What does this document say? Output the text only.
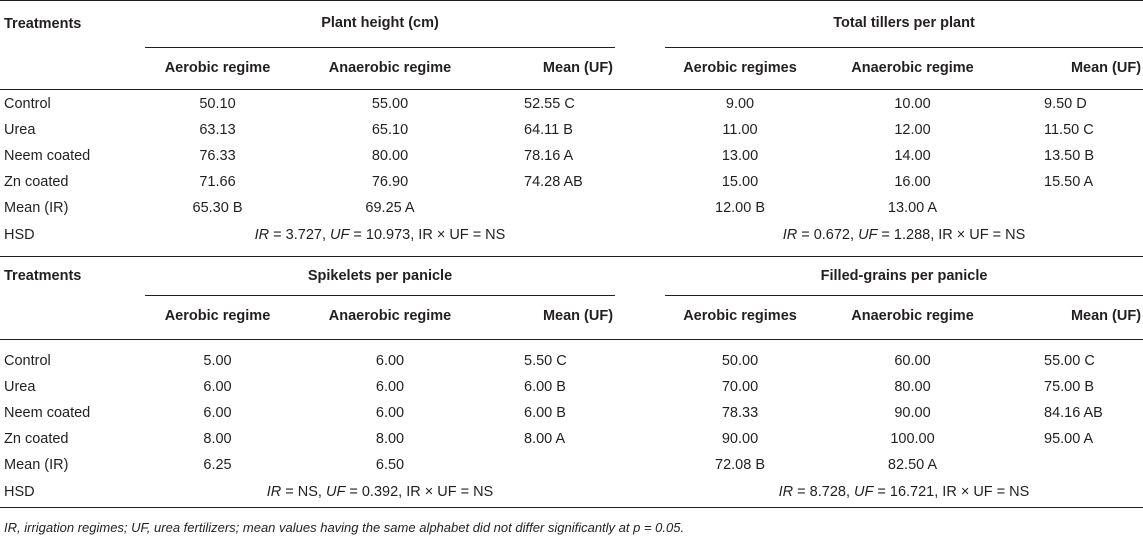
Treatments	Plant height (cm)				Total tillers per plant		
	Aerobic regime	Anaerobic regime	Mean (UF)		Aerobic regimes	Anaerobic regime	Mean (UF)

Control	50.10	55.00	52.55 C		9.00	10.00	9.50 D
Urea	63.13	65.10	64.11 B		11.00	12.00	11.50 C
Neem coated	76.33	80.00	78.16 A		13.00	14.00	13.50 B
Zn coated	71.66	76.90	74.28 AB		15.00	16.00	15.50 A
Mean (IR)	65.30 B	69.25 A			12.00 B	13.00 A	
HSD	IR = 3.727, UF = 10.973, IR × UF = NS				IR = 0.672, UF = 1.288, IR × UF = NS		
Treatments	Spikelets per panicle				Filled-grains per panicle		
	Aerobic regime	Anaerobic regime	Mean (UF)		Aerobic regimes	Anaerobic regime	Mean (UF)

Control	5.00	6.00	5.50 C		50.00	60.00	55.00 C
Urea	6.00	6.00	6.00 B		70.00	80.00	75.00 B
Neem coated	6.00	6.00	6.00 B		78.33	90.00	84.16 AB
Zn coated	8.00	8.00	8.00 A		90.00	100.00	95.00 A
Mean (IR)	6.25	6.50			72.08 B	82.50 A	
HSD	IR = NS, UF = 0.392, IR × UF = NS				IR = 8.728, UF = 16.721, IR × UF = NS		
IR, irrigation regimes; UF, urea fertilizers; mean values having the same alphabet did not differ significantly at p = 0.05.
